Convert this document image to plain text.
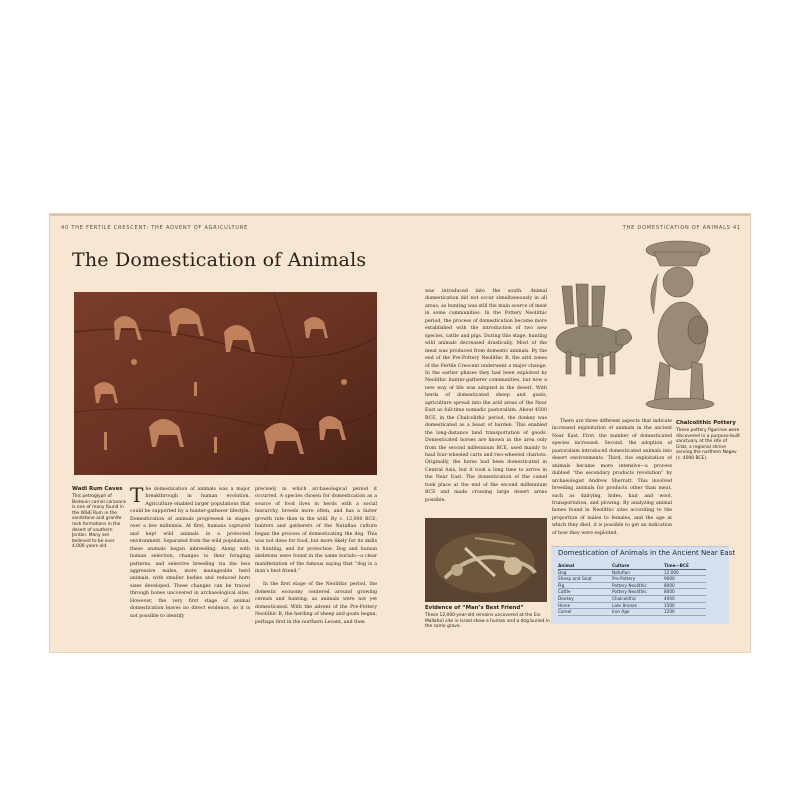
40 THE FERTILE CRESCENT: THE ADVENT OF AGRICULTURE	THE DOMESTICATION OF ANIMALS 41
The Domestication of Animals
Wadi Rum Caves
This petroglyph of Bedouin camel caravans is one of many found in the Wādī Rum in the sandstone and granite rock formations in the desert of southern Jordan. Many are believed to be over 4,000 years old.
The domestication of animals was a major breakthrough in human evolution. Agriculture enabled larger populations that could be supported by a hunter-gatherer lifestyle. Domestication of animals progressed in stages over a few millennia. At first, humans captured and kept wild animals in a protected environment. Separated from the wild population, these animals began inbreeding. Along with human selection, changes to their foraging patterns, and selective breeding via the less aggressive males, more manageable herd animals, with smaller bodies and reduced horn sizes developed. These changes can be traced through bones uncovered in archaeological sites. However, the very first stage of animal domestication leaves no direct evidence, so it is not possible to identify
precisely in which archaeological period it occurred. A species chosen for domestication as a source of food lives in herds with a social hierarchy, breeds more often, and has a faster growth rate than in the wild. By c. 12,000 BCE, hunters and gatherers of the Natufian culture began the process of domesticating the dog. This was not done for food, but more likely for its skills in hunting, and for protection. Dog and human skeletons were found in the same burials—a clear manifestation of the famous saying that “dog is a man’s best friend.”
In the first stage of the Neolithic period, the domestic economy centered around growing cereals and hunting, as animals were not yet domesticated. With the advent of the Pre-Pottery Neolithic B, the herding of sheep and goats began, perhaps first in the northern Levant, and then
was introduced into the south. Animal domestication did not occur simultaneously in all areas, as hunting was still the main source of meat in some communities. In the Pottery Neolithic period, the process of domestication became more established with the introduction of two new species, cattle and pigs. During this stage, hunting wild animals decreased drastically. Most of the meat was produced from domestic animals. By the end of the Pre-Pottery Neolithic B, the arid zones of the Fertile Crescent underwent a major change. In the earlier phases they had been exploited by Neolithic hunter-gatherer communities, but now a new way of life was adopted in the desert. With herds of domesticated sheep and goats, agriculture spread into the arid areas of the Near East as full-time nomadic pastoralism. About 4500 BCE, in the Chalcolithic period, the donkey was domesticated as a beast of burden. This enabled the long-distance land transportation of goods. Domesticated horses are known in the area only from the second millennium BCE, used mainly to haul four-wheeled carts and two-wheeled chariots. Originally, the horse had been domesticated in Central Asia, but it took a long time to arrive in the Near East. The domestication of the camel took place at the end of the second millennium BCE and made crossing large desert areas possible.
Evidence of “Man’s Best Friend”
These 12,000-year-old remains uncovered at the Ein Mallaha) site in Israel show a human and a dog buried in the same grave.
Chalcolithic Pottery
These pottery figurines were discovered in a purpose-built sanctuary at the site of Gilat, a regional shrine serving the northern Negev (c. 4000 BCE).
There are three different aspects that indicate increased exploitation of animals in the ancient Near East. First, the number of domesticated species increased. Second, the adoption of pastoralism introduced domesticated animals into desert environments. Third, the exploitation of animals became more intensive—a process dubbed “the secondary products revolution” by archaeologist Andrew Sherratt. This involved breeding animals for products other than meat, such as dairying, hides, hair and wool, transportation, and plowing. By analyzing animal bones found in Neolithic sites according to the proportion of males to females, and the age at which they died, it is possible to get an indication of how they were exploited.
Domestication of Animals in the Ancient Near East
Animal	Culture	Time—BCE
Dog	Natufian	12,000
Sheep and Goat	Pre-Pottery	9000
Pig	Pottery Neolithic	8000
Cattle	Pottery Neolithic	8000
Donkey	Chalcolithic	4000
Horse	Late Bronze	1500
Camel	Iron Age	1200
